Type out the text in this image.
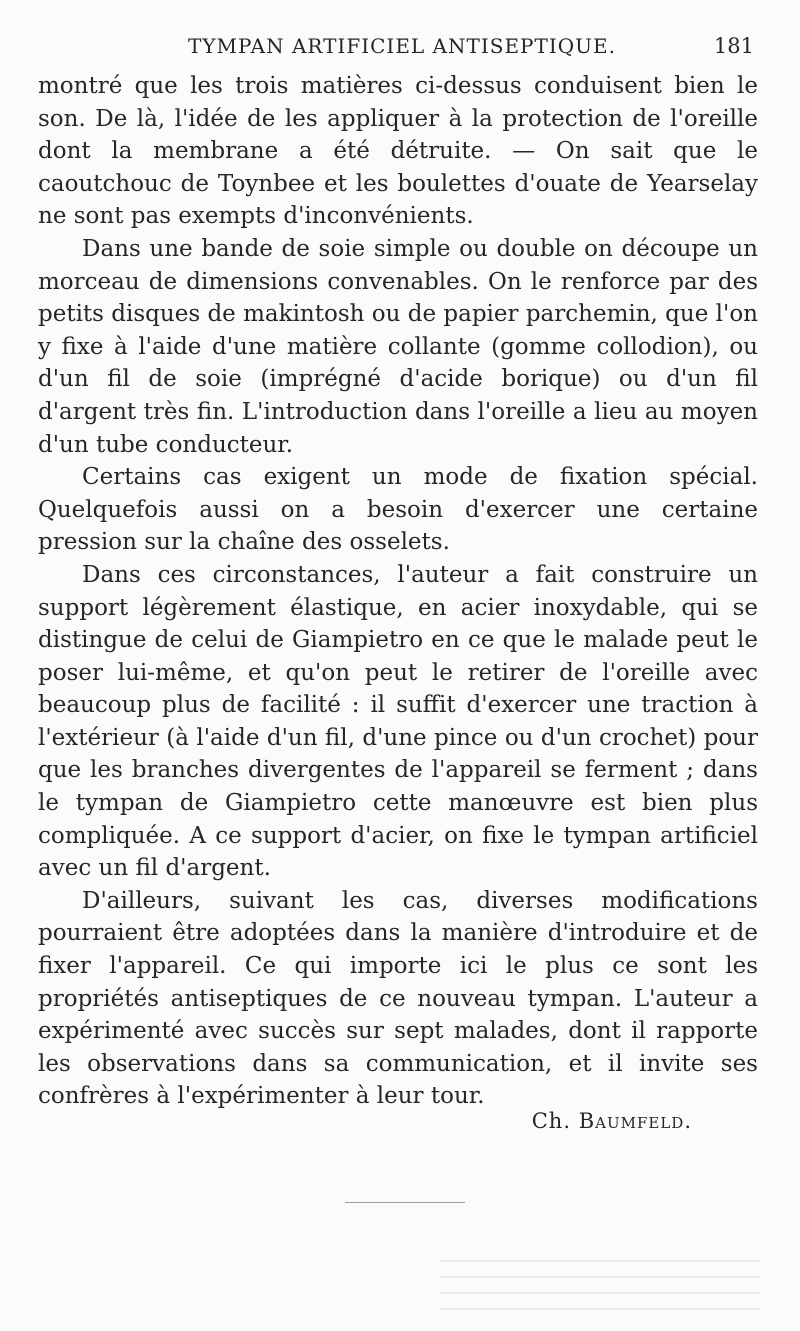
TYMPAN ARTIFICIEL ANTISEPTIQUE.	181

montré que les trois matières ci-dessus conduisent bien le son. De là, l'idée de les appliquer à la protection de l'oreille dont la membrane a été détruite. — On sait que le caoutchouc de Toynbee et les boulettes d'ouate de Yearselay ne sont pas exempts d'inconvénients.

Dans une bande de soie simple ou double on découpe un morceau de dimensions convenables. On le renforce par des petits disques de makintosh ou de papier parchemin, que l'on y fixe à l'aide d'une matière collante (gomme collodion), ou d'un fil de soie (imprégné d'acide borique) ou d'un fil d'argent très fin. L'introduction dans l'oreille a lieu au moyen d'un tube conducteur.

Certains cas exigent un mode de fixation spécial. Quelquefois aussi on a besoin d'exercer une certaine pression sur la chaîne des osselets.

Dans ces circonstances, l'auteur a fait construire un support légèrement élastique, en acier inoxydable, qui se distingue de celui de Giampietro en ce que le malade peut le poser lui-même, et qu'on peut le retirer de l'oreille avec beaucoup plus de facilité : il suffit d'exercer une traction à l'extérieur (à l'aide d'un fil, d'une pince ou d'un crochet) pour que les branches divergentes de l'appareil se ferment ; dans le tympan de Giampietro cette manœuvre est bien plus compliquée. A ce support d'acier, on fixe le tympan artificiel avec un fil d'argent.

D'ailleurs, suivant les cas, diverses modifications pourraient être adoptées dans la manière d'introduire et de fixer l'appareil. Ce qui importe ici le plus ce sont les propriétés antiseptiques de ce nouveau tympan. L'auteur a expérimenté avec succès sur sept malades, dont il rapporte les observations dans sa communication, et il invite ses confrères à l'expérimenter à leur tour.

Ch. Baumfeld.
